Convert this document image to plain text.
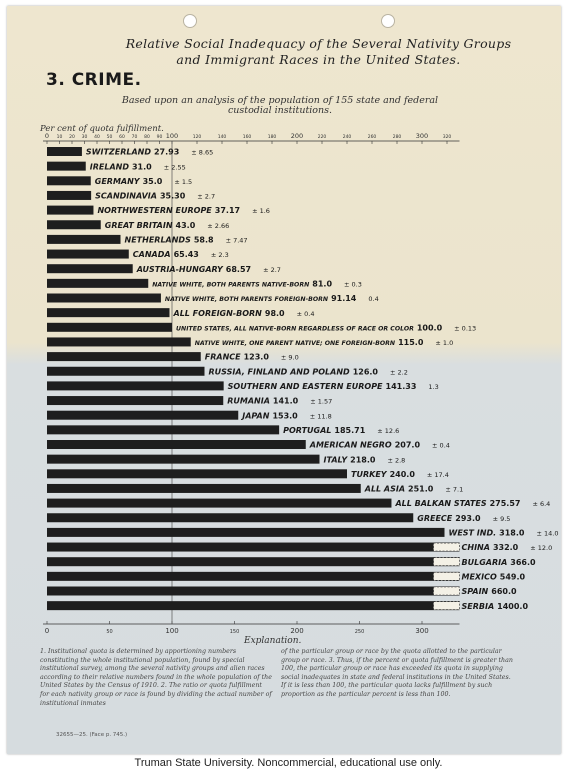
Relative Social Inadequacy of the Several Nativity Groups
and Immigrant Races in the United States.
3. CRIME.
Based upon an analysis of the population of 155 state and federal
custodial institutions.
Per cent of quota fulfillment.
0 10 20 30 40 50 60 70 80 90 100	120	140	160	180 200	220	240	260	280 300	320
0	50	100	150	200	250	300
SWITZERLAND 27.93 ± 8.65
IRELAND 31.0 ± 2.55
GERMANY 35.0 ± 1.5
SCANDINAVIA 35.30 ± 2.7
NORTHWESTERN EUROPE 37.17 ± 1.6
GREAT BRITAIN 43.0 ± 2.66
NETHERLANDS 58.8 ± 7.47
CANADA 65.43 ± 2.3
AUSTRIA-HUNGARY 68.57 ± 2.7
NATIVE WHITE, BOTH PARENTS NATIVE-BORN 81.0 ± 0.3
NATIVE WHITE, BOTH PARENTS FOREIGN-BORN 91.14 0.4
ALL FOREIGN-BORN 98.0 ± 0.4
UNITED STATES, ALL NATIVE-BORN REGARDLESS OF RACE OR COLOR 100.0 ± 0.13
NATIVE WHITE, ONE PARENT NATIVE; ONE FOREIGN-BORN 115.0 ± 1.0
FRANCE 123.0 ± 9.0
RUSSIA, FINLAND AND POLAND 126.0 ± 2.2
SOUTHERN AND EASTERN EUROPE 141.33 1.3
RUMANIA 141.0 ± 1.57
JAPAN 153.0 ± 11.8
PORTUGAL 185.71 ± 12.6
AMERICAN NEGRO 207.0 ± 0.4
ITALY 218.0 ± 2.8
TURKEY 240.0 ± 17.4
ALL ASIA 251.0 ± 7.1
ALL BALKAN STATES 275.57 ± 6.4
GREECE 293.0 ± 9.5
WEST IND. 318.0 ± 14.0
CHINA 332.0 ± 12.0
BULGARIA 366.0
MEXICO 549.0
SPAIN 660.0
SERBIA 1400.0
Explanation.
1. Institutional quota is determined by apportioning numbers constituting the whole institutional population, found by special institutional survey, among the several nativity groups and alien races according to their relative numbers found in the whole population of the United States by the Census of 1910. 2. The ratio or quota fulfillment for each nativity group or race is found by dividing the actual number of institutional inmates
of the particular group or race by the quota allotted to the particular group or race. 3. Thus, if the percent or quota fulfillment is greater than 100, the particular group or race has exceeded its quota in supplying social inadequates in state and federal institutions in the United States. If it is less than 100, the particular quota lacks fulfillment by such proportion as the particular percent is less than 100.
32655—25. (Face p. 745.)
Truman State University. Noncommercial, educational use only.
